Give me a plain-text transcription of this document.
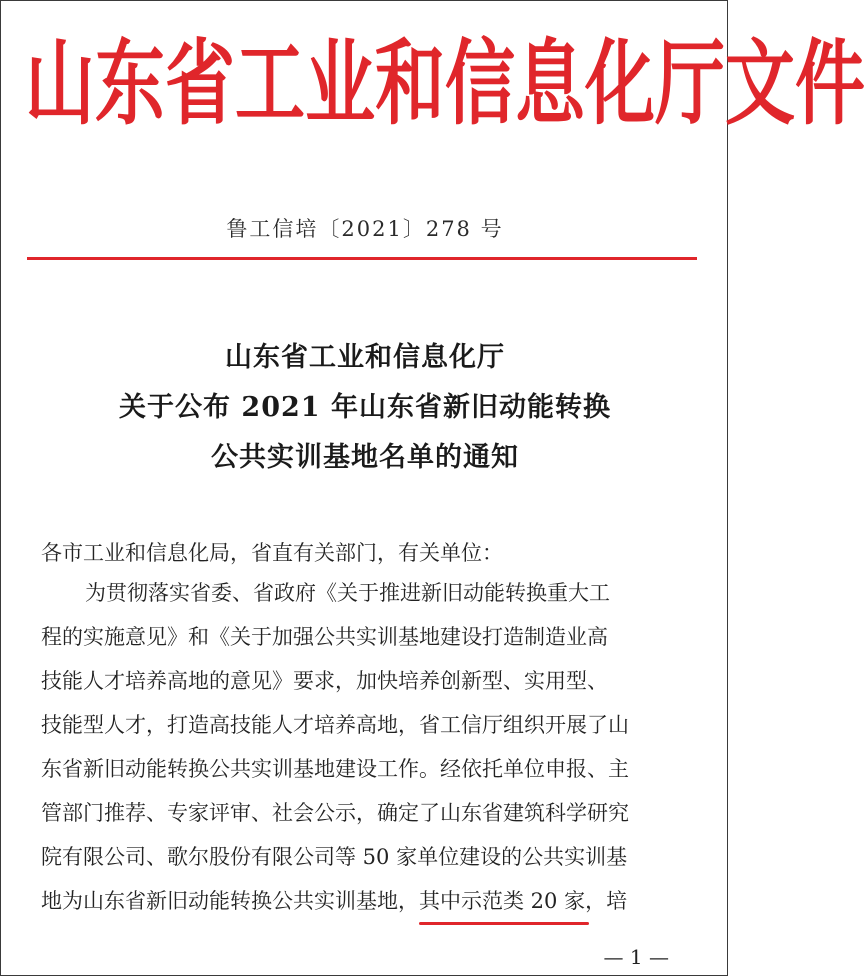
山 东 省 工 业 和 信 息 化 厅 文 件
鲁工信培〔2021〕278 号
山东省工业和信息化厅
关于公布 2021 年山东省新旧动能转换
公共实训基地名单的通知
各市工业和信息化局，省直有关部门，有关单位：
为贯彻落实省委、省政府《关于推进新旧动能转换重大工
程的实施意见》和《关于加强公共实训基地建设打造制造业高
技能人才培养高地的意见》要求，加快培养创新型、实用型、
技能型人才，打造高技能人才培养高地，省工信厅组织开展了山
东省新旧动能转换公共实训基地建设工作。经依托单位申报、主
管部门推荐、专家评审、社会公示，确定了山东省建筑科学研究
院有限公司、歌尔股份有限公司等 50 家单位建设的公共实训基
地为山东省新旧动能转换公共实训基地，其中示范类 20 家，培
— 1 —
